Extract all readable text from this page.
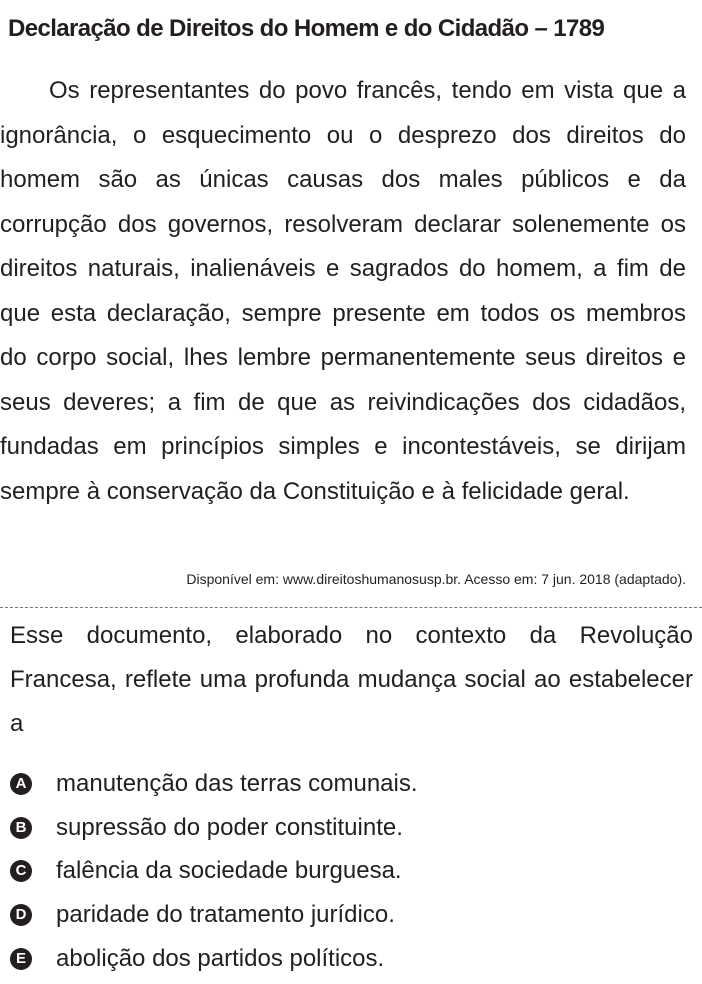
Declaração de Direitos do Homem e do Cidadão – 1789

Os representantes do povo francês, tendo em vista que a ignorância, o esquecimento ou o desprezo dos direitos do homem são as únicas causas dos males públicos e da corrupção dos governos, resolveram declarar solenemente os direitos naturais, inalienáveis e sagrados do homem, a fim de que esta declaração, sempre presente em todos os membros do corpo social, lhes lembre permanentemente seus direitos e seus deveres; a fim de que as reivindicações dos cidadãos, fundadas em princípios simples e incontestáveis, se dirijam sempre à conservação da Constituição e à felicidade geral.

Disponível em: www.direitoshumanosusp.br. Acesso em: 7 jun. 2018 (adaptado).

Esse documento, elaborado no contexto da Revolução Francesa, reflete uma profunda mudança social ao estabelecer a

A manutenção das terras comunais.
B supressão do poder constituinte.
C falência da sociedade burguesa.
D paridade do tratamento jurídico.
E abolição dos partidos políticos.
